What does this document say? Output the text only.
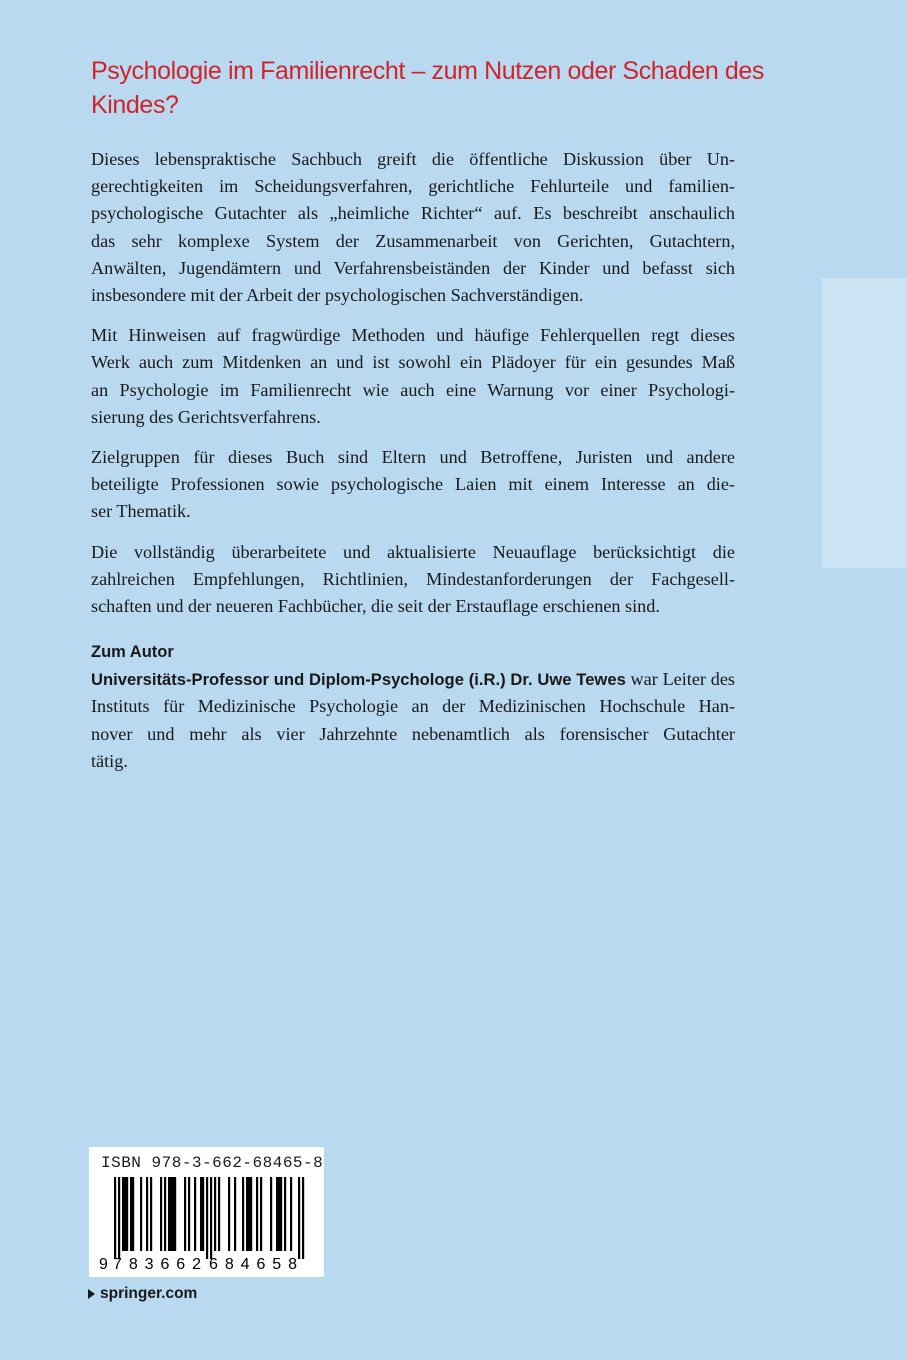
Psychologie im Familienrecht – zum Nutzen oder Schaden des
Kindes?

Dieses lebenspraktische Sachbuch greift die öffentliche Diskussion über Un-
gerechtigkeiten im Scheidungsverfahren, gerichtliche Fehlurteile und familien-
psychologische Gutachter als „heimliche Richter“ auf. Es beschreibt anschaulich
das sehr komplexe System der Zusammenarbeit von Gerichten, Gutachtern,
Anwälten, Jugendämtern und Verfahrensbeiständen der Kinder und befasst sich
insbesondere mit der Arbeit der psychologischen Sachverständigen.

Mit Hinweisen auf fragwürdige Methoden und häufige Fehlerquellen regt dieses
Werk auch zum Mitdenken an und ist sowohl ein Plädoyer für ein gesundes Maß
an Psychologie im Familienrecht wie auch eine Warnung vor einer Psychologi-
sierung des Gerichtsverfahrens.

Zielgruppen für dieses Buch sind Eltern und Betroffene, Juristen und andere
beteiligte Professionen sowie psychologische Laien mit einem Interesse an die-
ser Thematik.

Die vollständig überarbeitete und aktualisierte Neuauflage berücksichtigt die
zahlreichen Empfehlungen, Richtlinien, Mindestanforderungen der Fachgesell-
schaften und der neueren Fachbücher, die seit der Erstauflage erschienen sind.

Zum Autor

Universitäts-Professor und Diplom-Psychologe (i.R.) Dr. Uwe Tewes war Leiter des
Instituts für Medizinische Psychologie an der Medizinischen Hochschule Han-
nover und mehr als vier Jahrzehnte nebenamtlich als forensischer Gutachter
tätig.

ISBN 978-3-662-68465-8
9 783662 684658
springer.com
